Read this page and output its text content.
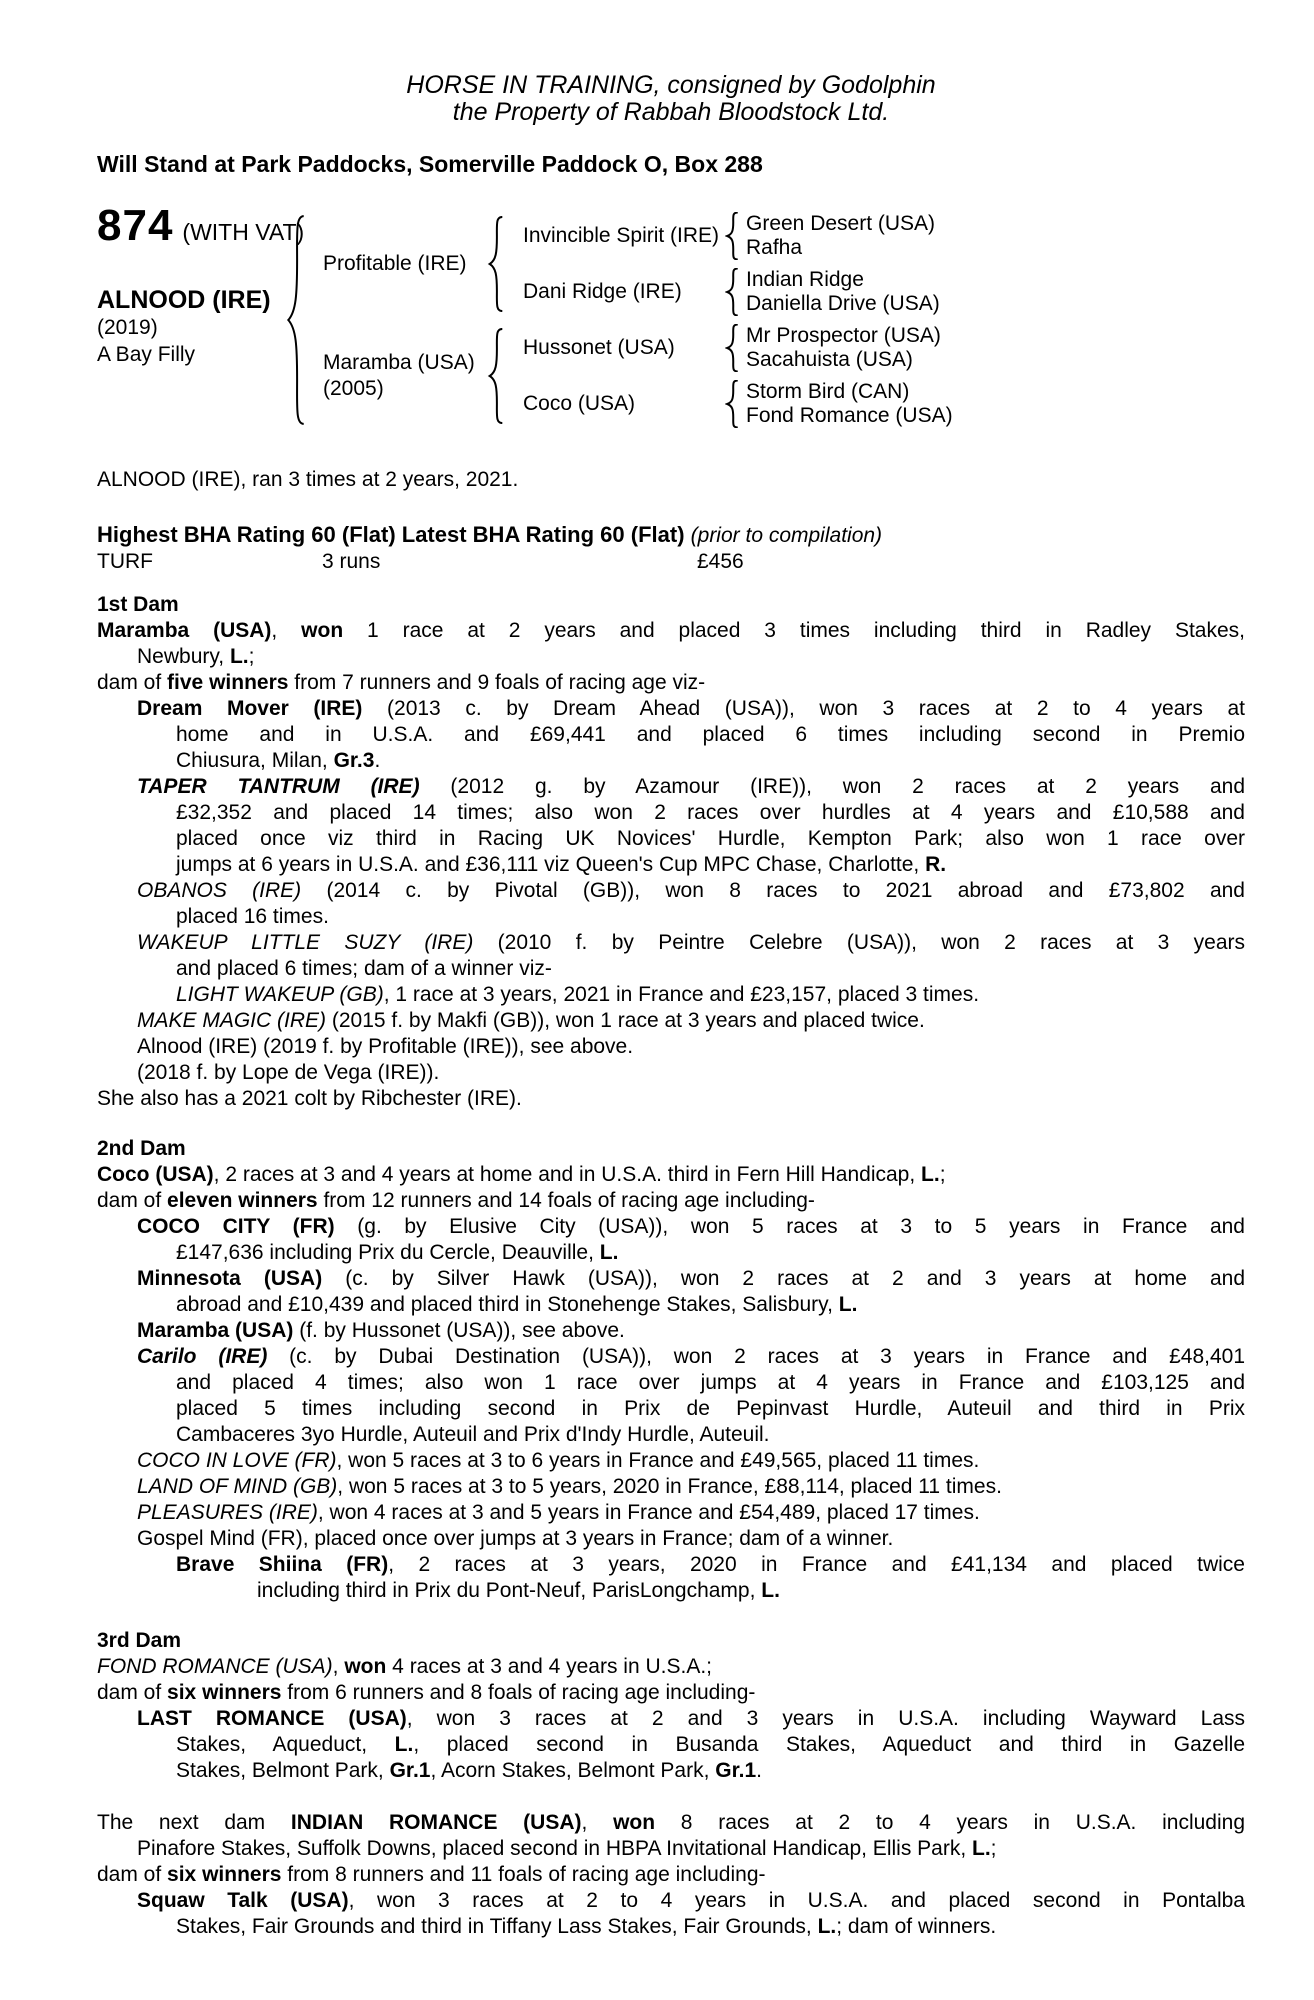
HORSE IN TRAINING, consigned by Godolphin
the Property of Rabbah Bloodstock Ltd.
Will Stand at Park Paddocks, Somerville Paddock O, Box 288
874 (WITH VAT)
ALNOOD (IRE)
(2019)
A Bay Filly
Profitable (IRE)
Invincible Spirit (IRE)
Green Desert (USA)
Rafha
Dani Ridge (IRE)
Indian Ridge
Daniella Drive (USA)
Maramba (USA)
(2005)
Hussonet (USA)
Mr Prospector (USA)
Sacahuista (USA)
Coco (USA)
Storm Bird (CAN)
Fond Romance (USA)
ALNOOD (IRE), ran 3 times at 2 years, 2021.
Highest BHA Rating 60 (Flat) Latest BHA Rating 60 (Flat) (prior to compilation)
TURF	3 runs	£456
1st Dam
Maramba (USA), won 1 race at 2 years and placed 3 times including third in Radley Stakes,
Newbury, L.;
dam of five winners from 7 runners and 9 foals of racing age viz-
Dream Mover (IRE) (2013 c. by Dream Ahead (USA)), won 3 races at 2 to 4 years at
home and in U.S.A. and £69,441 and placed 6 times including second in Premio
Chiusura, Milan, Gr.3.
TAPER TANTRUM (IRE) (2012 g. by Azamour (IRE)), won 2 races at 2 years and
£32,352 and placed 14 times; also won 2 races over hurdles at 4 years and £10,588 and
placed once viz third in Racing UK Novices' Hurdle, Kempton Park; also won 1 race over
jumps at 6 years in U.S.A. and £36,111 viz Queen's Cup MPC Chase, Charlotte, R.
OBANOS (IRE) (2014 c. by Pivotal (GB)), won 8 races to 2021 abroad and £73,802 and
placed 16 times.
WAKEUP LITTLE SUZY (IRE) (2010 f. by Peintre Celebre (USA)), won 2 races at 3 years
and placed 6 times; dam of a winner viz-
LIGHT WAKEUP (GB), 1 race at 3 years, 2021 in France and £23,157, placed 3 times.
MAKE MAGIC (IRE) (2015 f. by Makfi (GB)), won 1 race at 3 years and placed twice.
Alnood (IRE) (2019 f. by Profitable (IRE)), see above.
(2018 f. by Lope de Vega (IRE)).
She also has a 2021 colt by Ribchester (IRE).
2nd Dam
Coco (USA), 2 races at 3 and 4 years at home and in U.S.A. third in Fern Hill Handicap, L.;
dam of eleven winners from 12 runners and 14 foals of racing age including-
COCO CITY (FR) (g. by Elusive City (USA)), won 5 races at 3 to 5 years in France and
£147,636 including Prix du Cercle, Deauville, L.
Minnesota (USA) (c. by Silver Hawk (USA)), won 2 races at 2 and 3 years at home and
abroad and £10,439 and placed third in Stonehenge Stakes, Salisbury, L.
Maramba (USA) (f. by Hussonet (USA)), see above.
Carilo (IRE) (c. by Dubai Destination (USA)), won 2 races at 3 years in France and £48,401
and placed 4 times; also won 1 race over jumps at 4 years in France and £103,125 and
placed 5 times including second in Prix de Pepinvast Hurdle, Auteuil and third in Prix
Cambaceres 3yo Hurdle, Auteuil and Prix d'Indy Hurdle, Auteuil.
COCO IN LOVE (FR), won 5 races at 3 to 6 years in France and £49,565, placed 11 times.
LAND OF MIND (GB), won 5 races at 3 to 5 years, 2020 in France, £88,114, placed 11 times.
PLEASURES (IRE), won 4 races at 3 and 5 years in France and £54,489, placed 17 times.
Gospel Mind (FR), placed once over jumps at 3 years in France; dam of a winner.
Brave Shiina (FR), 2 races at 3 years, 2020 in France and £41,134 and placed twice
including third in Prix du Pont-Neuf, ParisLongchamp, L.
3rd Dam
FOND ROMANCE (USA), won 4 races at 3 and 4 years in U.S.A.;
dam of six winners from 6 runners and 8 foals of racing age including-
LAST ROMANCE (USA), won 3 races at 2 and 3 years in U.S.A. including Wayward Lass
Stakes, Aqueduct, L., placed second in Busanda Stakes, Aqueduct and third in Gazelle
Stakes, Belmont Park, Gr.1, Acorn Stakes, Belmont Park, Gr.1.
The next dam INDIAN ROMANCE (USA), won 8 races at 2 to 4 years in U.S.A. including
Pinafore Stakes, Suffolk Downs, placed second in HBPA Invitational Handicap, Ellis Park, L.;
dam of six winners from 8 runners and 11 foals of racing age including-
Squaw Talk (USA), won 3 races at 2 to 4 years in U.S.A. and placed second in Pontalba
Stakes, Fair Grounds and third in Tiffany Lass Stakes, Fair Grounds, L.; dam of winners.
